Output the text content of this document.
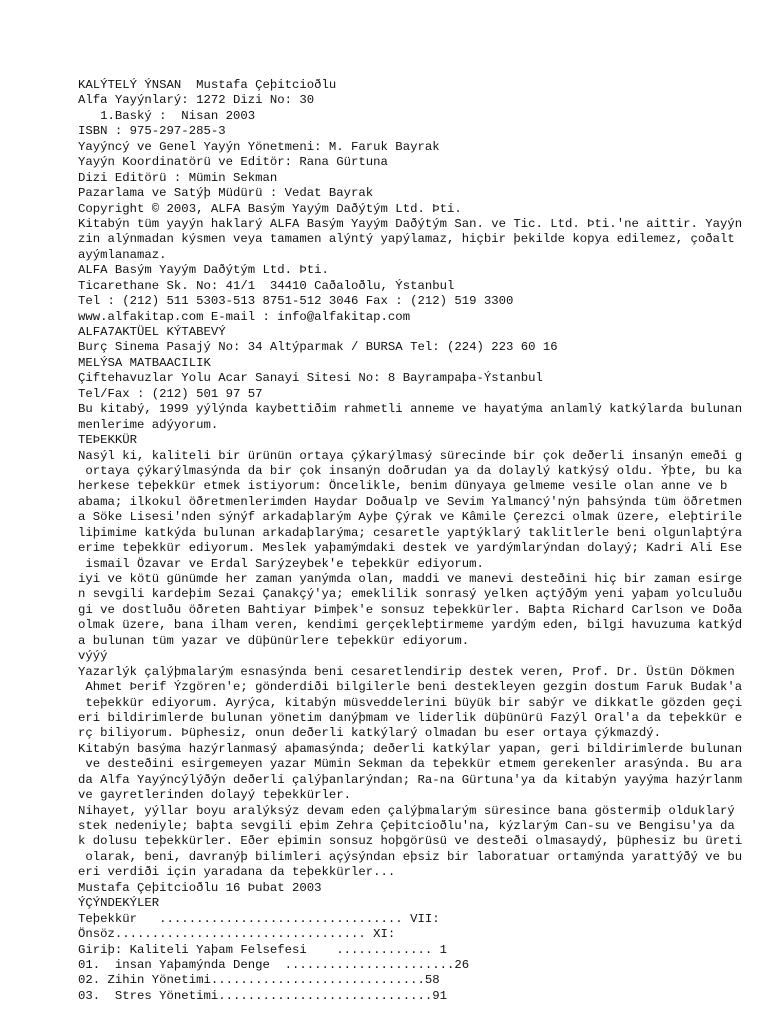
KALÝTELÝ ÝNSAN  Mustafa Çeþitcioðlu
Alfa Yayýnlarý: 1272 Dizi No: 30
1.Baský :  Nisan 2003
ISBN : 975-297-285-3
Yayýncý ve Genel Yayýn Yönetmeni: M. Faruk Bayrak
Yayýn Koordinatörü ve Editör: Rana Gürtuna
Dizi Editörü : Mümin Sekman
Pazarlama ve Satýþ Müdürü : Vedat Bayrak
Copyright © 2003, ALFA Basým Yayým Daðýtým Ltd. Þti.
Kitabýn tüm yayýn haklarý ALFA Basým Yayým Daðýtým San. ve Tic. Ltd. Þti.'ne aittir. Yayýn
zin alýnmadan kýsmen veya tamamen alýntý yapýlamaz, hiçbir þekilde kopya edilemez, çoðalt
ayýmlanamaz.
ALFA Basým Yayým Daðýtým Ltd. Þti.
Ticarethane Sk. No: 41/1  34410 Caðaloðlu, Ýstanbul
Tel : (212) 511 5303-513 8751-512 3046 Fax : (212) 519 3300
www.alfakitap.com E-mail : info@alfakitap.com
ALFA7AKTÜEL KÝTABEVÝ
Burç Sinema Pasajý No: 34 Altýparmak / BURSA Tel: (224) 223 60 16
MELÝSA MATBAACILIK
Çiftehavuzlar Yolu Acar Sanayi Sitesi No: 8 Bayrampaþa-Ýstanbul
Tel/Fax : (212) 501 97 57
Bu kitabý, 1999 yýlýnda kaybettiðim rahmetli anneme ve hayatýma anlamlý katkýlarda bulunan
menlerime adýyorum.
TEÞEKKÜR
Nasýl ki, kaliteli bir ürünün ortaya çýkarýlmasý sürecinde bir çok deðerli insanýn emeði g
ortaya çýkarýlmasýnda da bir çok insanýn doðrudan ya da dolaylý katkýsý oldu. Ýþte, bu ka
herkese teþekkür etmek istiyorum: Öncelikle, benim dünyaya gelmeme vesile olan anne ve b
abama; ilkokul öðretmenlerimden Haydar Doðualp ve Sevim Yalmancý'nýn þahsýnda tüm öðretmen
a Söke Lisesi'nden sýnýf arkadaþlarým Ayþe Çýrak ve Kâmile Çerezci olmak üzere, eleþtirile
liþimime katkýda bulunan arkadaþlarýma; cesaretle yaptýklarý taklitlerle beni olgunlaþtýra
erime teþekkür ediyorum. Meslek yaþamýmdaki destek ve yardýmlarýndan dolayý; Kadri Ali Ese
ismail Özavar ve Erdal Sarýzeybek'e teþekkür ediyorum.
iyi ve kötü günümde her zaman yanýmda olan, maddi ve manevi desteðini hiç bir zaman esirge
n sevgili kardeþim Sezai Çanakçý'ya; emeklilik sonrasý yelken açtýðým yeni yaþam yolculuðu
gi ve dostluðu öðreten Bahtiyar Þimþek'e sonsuz teþekkürler. Baþta Richard Carlson ve Doða
olmak üzere, bana ilham veren, kendimi gerçekleþtirmeme yardým eden, bilgi havuzuma katkýd
a bulunan tüm yazar ve düþünürlere teþekkür ediyorum.
výýý
Yazarlýk çalýþmalarým esnasýnda beni cesaretlendirip destek veren, Prof. Dr. Üstün Dökmen
Ahmet Þerif Ýzgören'e; gönderdiði bilgilerle beni destekleyen gezgin dostum Faruk Budak'a
teþekkür ediyorum. Ayrýca, kitabýn müsveddelerini büyük bir sabýr ve dikkatle gözden geçi
eri bildirimlerde bulunan yönetim danýþmam ve liderlik düþünürü Fazýl Oral'a da teþekkür e
rç biliyorum. Þüphesiz, onun deðerli katkýlarý olmadan bu eser ortaya çýkmazdý.
Kitabýn basýma hazýrlanmasý aþamasýnda; deðerli katkýlar yapan, geri bildirimlerde bulunan
ve desteðini esirgemeyen yazar Mümin Sekman da teþekkür etmem gerekenler arasýnda. Bu ara
da Alfa Yayýncýlýðýn deðerli çalýþanlarýndan; Ra-na Gürtuna'ya da kitabýn yayýma hazýrlanm
ve gayretlerinden dolayý teþekkürler.
Nihayet, yýllar boyu aralýksýz devam eden çalýþmalarým süresince bana göstermiþ olduklarý
stek nedeniyle; baþta sevgili eþim Zehra Çeþitcioðlu'na, kýzlarým Can-su ve Bengisu'ya da
k dolusu teþekkürler. Eðer eþimin sonsuz hoþgörüsü ve desteði olmasaydý, þüphesiz bu üreti
olarak, beni, davranýþ bilimleri açýsýndan eþsiz bir laboratuar ortamýnda yarattýðý ve bu
eri verdiði için yaradana da teþekkürler...
Mustafa Çeþitcioðlu 16 Þubat 2003
ÝÇÝNDEKÝLER
Teþekkür   ................................. VII:
Önsöz.................................. XI:
Giriþ: Kaliteli Yaþam Felsefesi    ............. 1
01.  insan Yaþamýnda Denge  .......................26
02. Zihin Yönetimi.............................58
03.  Stres Yönetimi.............................91
